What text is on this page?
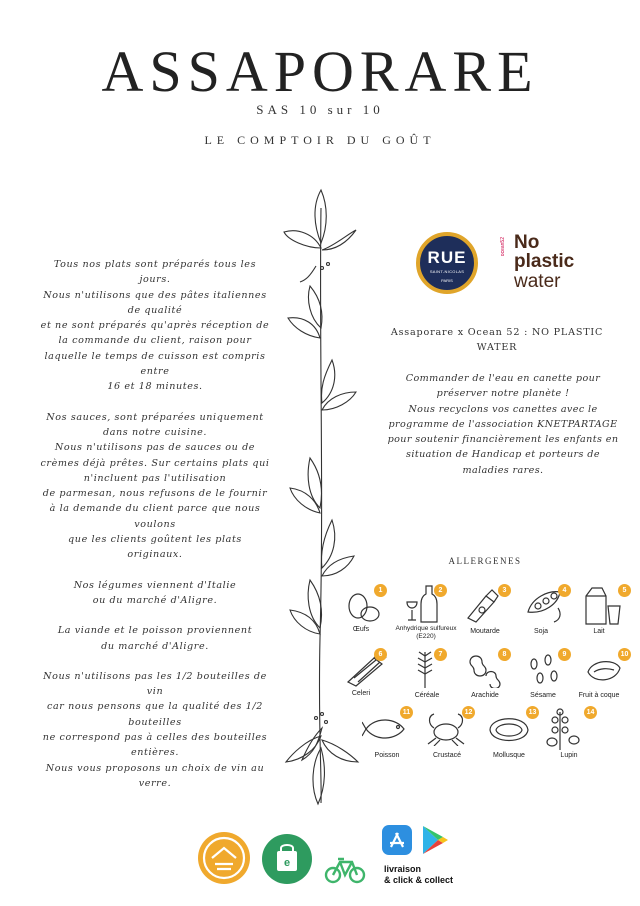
ASSAPORARE
SAS 10 sur 10
LE COMPTOIR DU GOÛT

Tous nos plats sont préparés tous les
jours.
Nous n'utilisons que des pâtes italiennes
de qualité
et ne sont préparés qu'après réception de
la commande du client, raison pour
laquelle le temps de cuisson est compris
entre
16 et 18 minutes.

Nos sauces, sont préparées uniquement
dans notre cuisine.
Nous n'utilisons pas de sauces ou de
crèmes déjà prêtes. Sur certains plats qui
n'incluent pas l'utilisation
de parmesan, nous refusons de le fournir
à la demande du client parce que nous
voulons
que les clients goûtent les plats
originaux.

Nos légumes viennent d'Italie
ou du marché d'Aligre.

La viande et le poisson proviennent
du marché d'Aligre.

Nous n'utilisons pas les 1/2 bouteilles de
vin
car nous pensons que la qualité des 1/2
bouteilles
ne correspond pas à celles des bouteilles
entières.
Nous vous proposons un choix de vin au
verre.

RUE
SAINT-NICOLAS
PARIS
ocean52 No
plastic
water
Assaporare x Ocean 52 : NO PLASTIC WATER

Commander de l'eau en canette pour

préserver notre planète !

Nous recyclons vos canettes avec le

programme de l'association KNETPARTAGE

pour soutenir financièrement les enfants en

situation de Handicap et porteurs de

maladies rares.

ALLERGENES
1
Œufs
2
Anhydrique sulfureux (E220)
3
Moutarde
4
Soja
5
Lait
6
Celeri
7
Céréale
8
Arachide
9
Sésame
10
Fruit à coque
11
Poisson
12
Crustacé
13
Mollusque
14
Lupin
e	livraison
& click & collect
